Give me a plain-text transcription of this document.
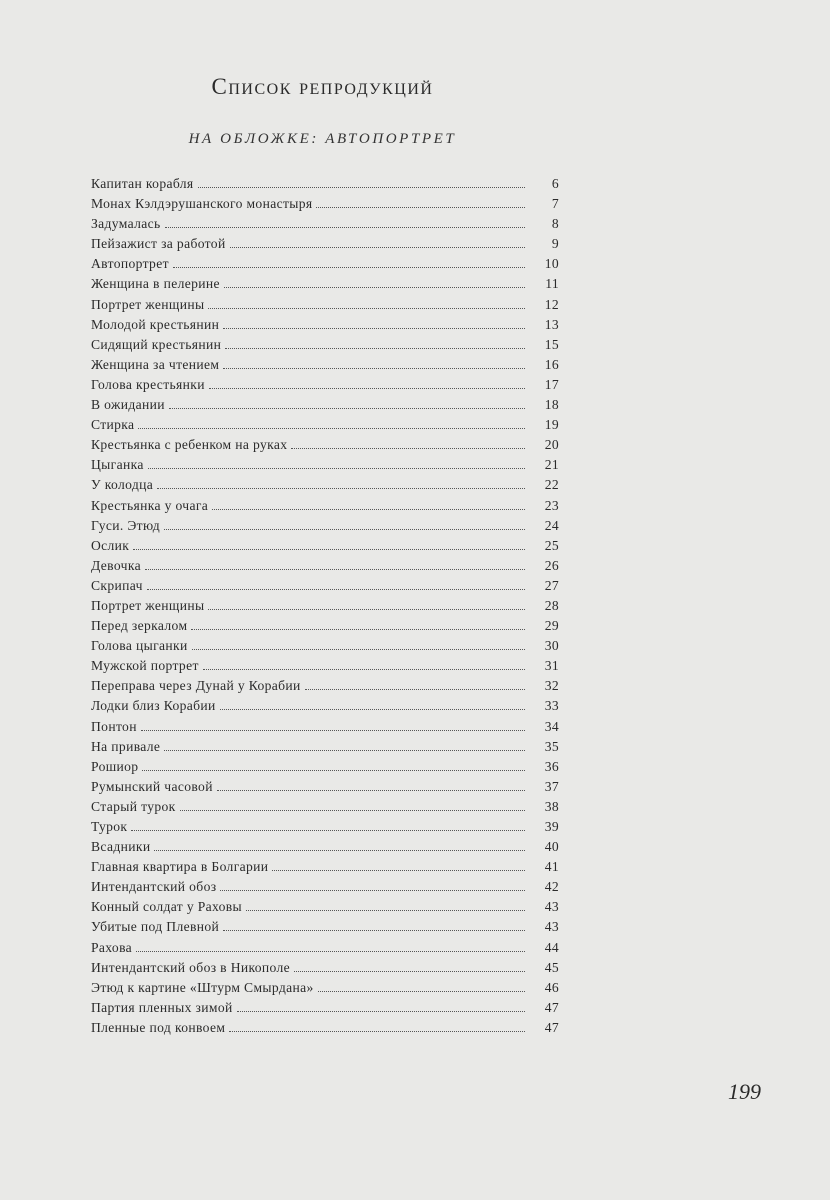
Список репродукций
НА ОБЛОЖКЕ: АВТОПОРТРЕТ
Капитан корабля	6
Монах Кэлдэрушанского монастыря	7
Задумалась	8
Пейзажист за работой	9
Автопортрет	10
Женщина в пелерине	11
Портрет женщины	12
Молодой крестьянин	13
Сидящий крестьянин	15
Женщина за чтением	16
Голова крестьянки	17
В ожидании	18
Стирка	19
Крестьянка с ребенком на руках	20
Цыганка	21
У колодца	22
Крестьянка у очага	23
Гуси. Этюд	24
Ослик	25
Девочка	26
Скрипач	27
Портрет женщины	28
Перед зеркалом	29
Голова цыганки	30
Мужской портрет	31
Переправа через Дунай у Корабии	32
Лодки близ Корабии	33
Понтон	34
На привале	35
Рошиор	36
Румынский часовой	37
Старый турок	38
Турок	39
Всадники	40
Главная квартира в Болгарии	41
Интендантский обоз	42
Конный солдат у Раховы	43
Убитые под Плевной	43
Рахова	44
Интендантский обоз в Никополе	45
Этюд к картине «Штурм Смырдана»	46
Партия пленных зимой	47
Пленные под конвоем	47
199
